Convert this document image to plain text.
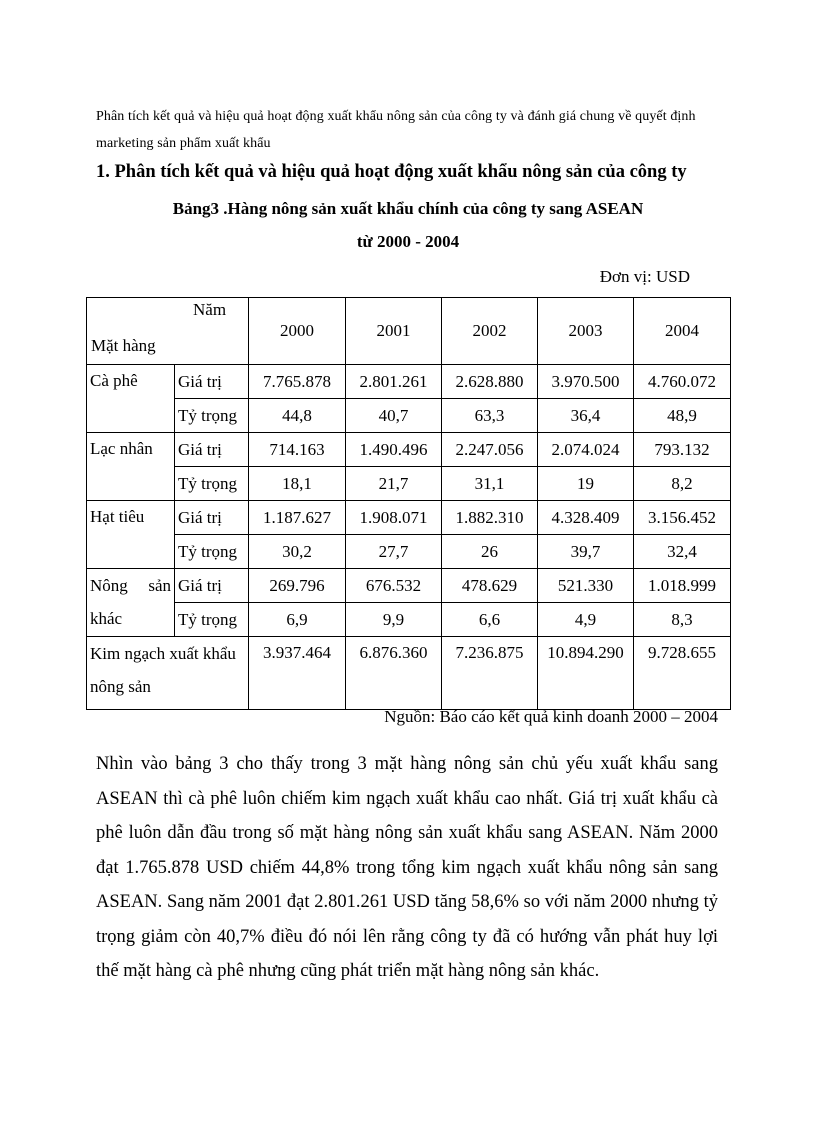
Phân tích kết quả và hiệu quả hoạt động xuất khẩu nông sản của công ty và đánh giá chung về quyết định marketing sản phẩm xuất khẩu
1. Phân tích kết quả và hiệu quả hoạt động xuất khẩu nông sản của công ty
Bảng3 .Hàng nông sản xuất khẩu chính của công ty sang ASEAN
từ 2000 - 2004
Đơn vị: USD
Năm
Mặt hàng		2000	2001	2002	2003	2004
Cà phê	Giá trị	7.765.878	2.801.261	2.628.880	3.970.500	4.760.072
	Tỷ trọng	44,8	40,7	63,3	36,4	48,9
Lạc nhân	Giá trị	714.163	1.490.496	2.247.056	2.074.024	793.132
	Tỷ trọng	18,1	21,7	31,1	19	8,2
Hạt tiêu	Giá trị	1.187.627	1.908.071	1.882.310	4.328.409	3.156.452
	Tỷ trọng	30,2	27,7	26	39,7	32,4

Nông sản
khác	Giá trị	269.796	676.532	478.629	521.330	1.018.999
	Tỷ trọng	6,9	9,9	6,6	4,9	8,3
Kim ngạch xuất khẩu
nông sản		3.937.464	6.876.360	7.236.875	10.894.290	9.728.655
Nguồn: Báo cáo kết quả kinh doanh 2000 – 2004

Nhìn vào bảng 3 cho thấy trong 3 mặt hàng nông sản chủ yếu xuất khẩu sang ASEAN thì cà phê luôn chiếm kim ngạch xuất khẩu cao nhất. Giá trị xuất khẩu cà phê luôn dẫn đầu trong số mặt hàng nông sản xuất khẩu sang ASEAN. Năm 2000 đạt 1.765.878 USD chiếm 44,8% trong tổng kim ngạch xuất khẩu nông sản sang ASEAN. Sang năm 2001 đạt 2.801.261 USD tăng 58,6% so với năm 2000 nhưng tỷ trọng giảm còn 40,7% điều đó nói lên rằng công ty đã có hướng vẫn phát huy lợi thế mặt hàng cà phê nhưng cũng phát triển mặt hàng nông sản khác.
